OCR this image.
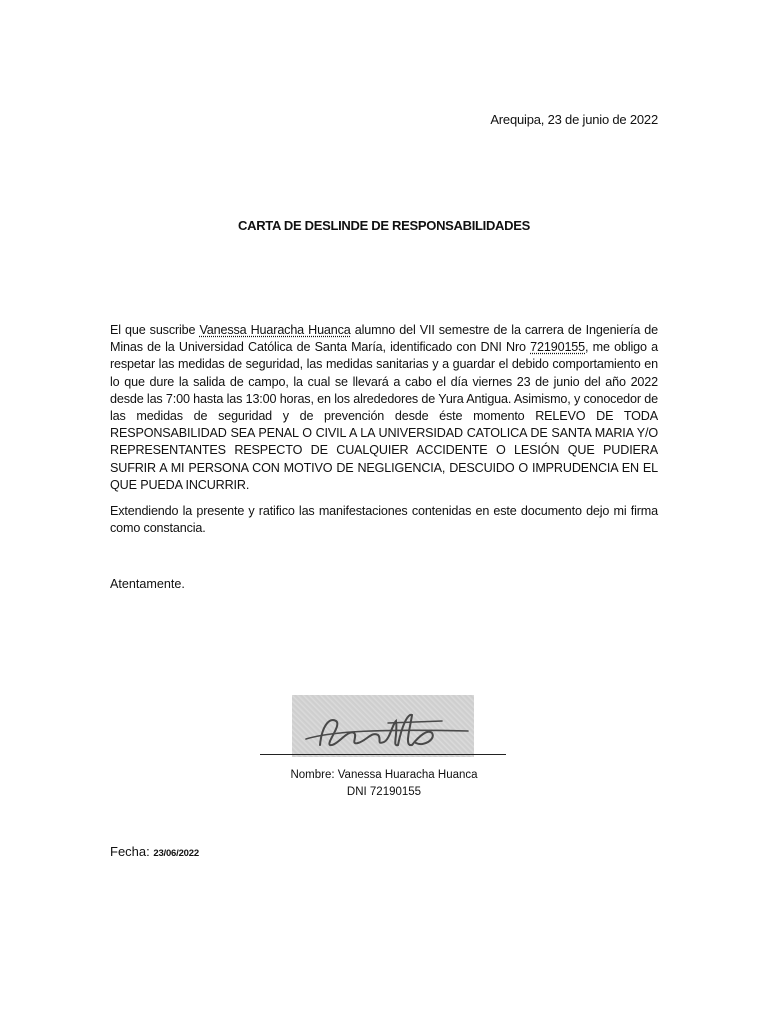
Arequipa, 23 de junio de 2022
CARTA DE DESLINDE DE RESPONSABILIDADES

El que suscribe Vanessa Huaracha Huanca alumno del VII semestre de la carrera de Ingeniería de Minas de la Universidad Católica de Santa María, identificado con DNI Nro 72190155, me obligo a respetar las medidas de seguridad, las medidas sanitarias y a guardar el debido comportamiento en lo que dure la salida de campo, la cual se llevará a cabo el día viernes 23 de junio del año 2022 desde las 7:00 hasta las 13:00 horas, en los alrededores de Yura Antigua. Asimismo, y conocedor de las medidas de seguridad y de prevención desde éste momento RELEVO DE TODA RESPONSABILIDAD SEA PENAL O CIVIL A LA UNIVERSIDAD CATOLICA DE SANTA MARIA Y/O REPRESENTANTES RESPECTO DE CUALQUIER ACCIDENTE O LESIÓN QUE PUDIERA SUFRIR A MI PERSONA CON MOTIVO DE NEGLIGENCIA, DESCUIDO O IMPRUDENCIA EN EL QUE PUEDA INCURRIR.

Extendiendo la presente y ratifico las manifestaciones contenidas en este documento dejo mi firma como constancia.

Atentamente.
Nombre: Vanessa Huaracha Huanca
DNI 72190155
Fecha: 23/06/2022
